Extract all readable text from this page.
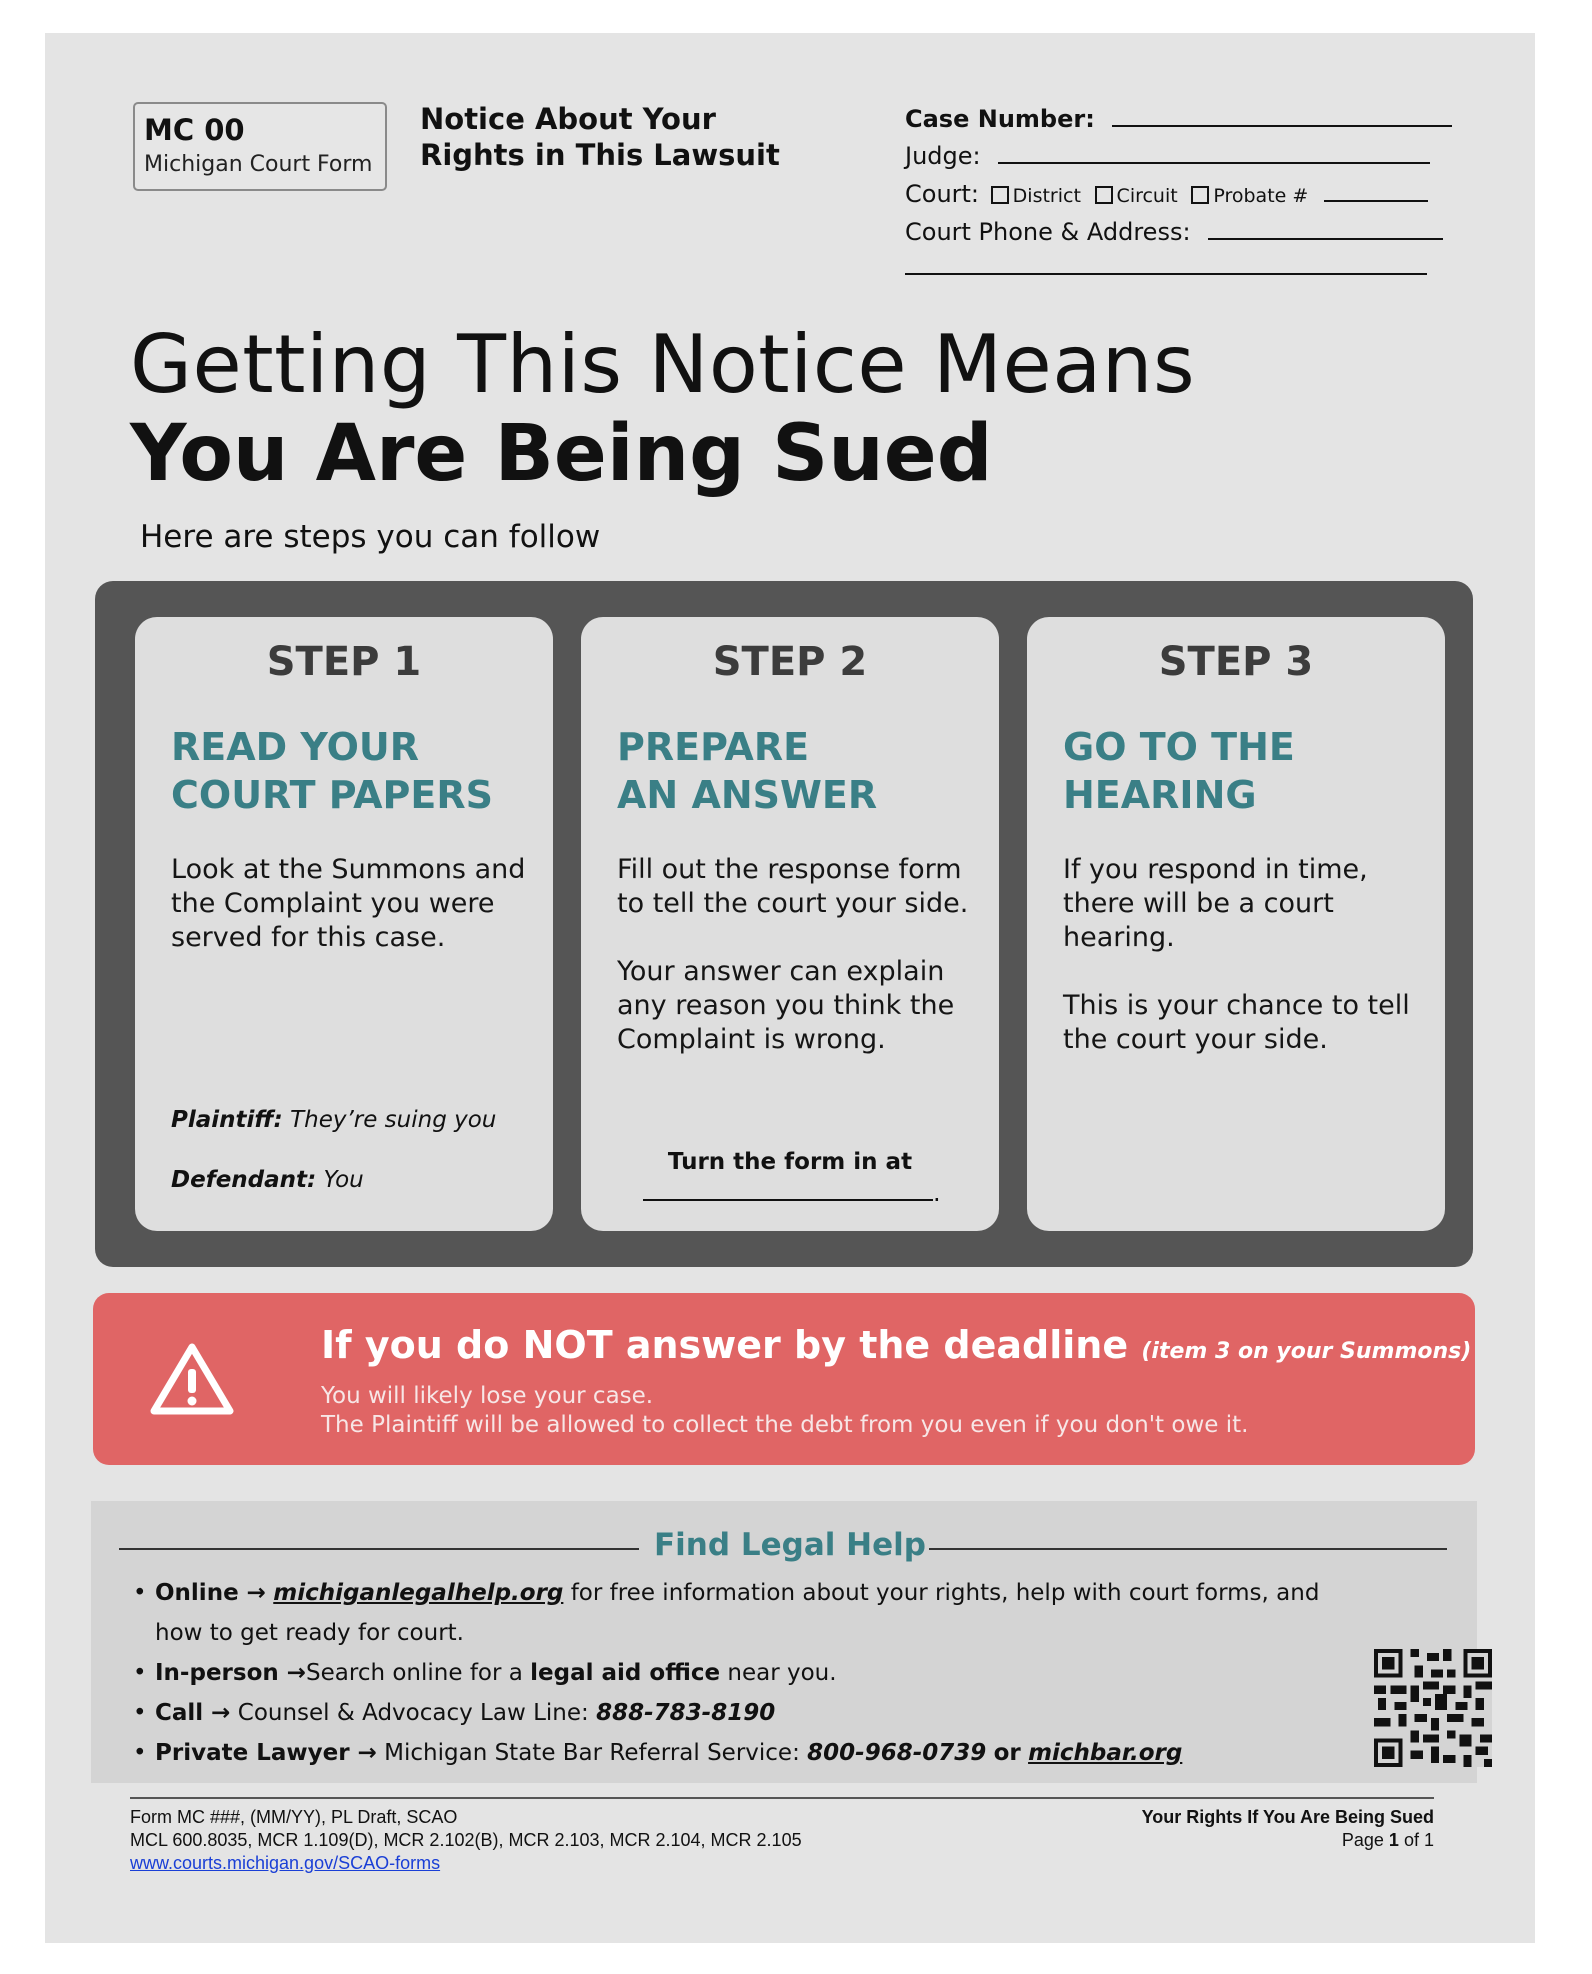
MC 00
Michigan Court Form
Notice About Your Rights in This Lawsuit
Case Number:
Judge:
Court: District Circuit Probate #
Court Phone & Address:
Getting This Notice Means
You Are Being Sued
Here are steps you can follow
STEP 1
READ YOUR
COURT PAPERS

Look at the Summons and the Complaint you were served for this case.

Plaintiff: They’re suing you
Defendant: You
STEP 2
PREPARE
AN ANSWER

Fill out the response form to tell the court your side.

Your answer can explain any reason you think the Complaint is wrong.

Turn the form in at
.
STEP 3
GO TO THE
HEARING

If you respond in time, there will be a court hearing.

This is your chance to tell the court your side.

If you do NOT answer by the deadline (item 3 on your Summons)
You will likely lose your case.
The Plaintiff will be allowed to collect the debt from you even if you don't owe it.
Find Legal Help
• Online → michiganlegalhelp.org for free information about your rights, help with court forms, and how to get ready for court.
• In-person →Search online for a legal aid office near you.
• Call → Counsel & Advocacy Law Line: 888-783-8190
• Private Lawyer → Michigan State Bar Referral Service: 800-968-0739 or michbar.org
Form MC ###, (MM/YY), PL Draft, SCAO
MCL 600.8035, MCR 1.109(D), MCR 2.102(B), MCR 2.103, MCR 2.104, MCR 2.105
www.courts.michigan.gov/SCAO-forms
Your Rights If You Are Being Sued
Page 1 of 1
